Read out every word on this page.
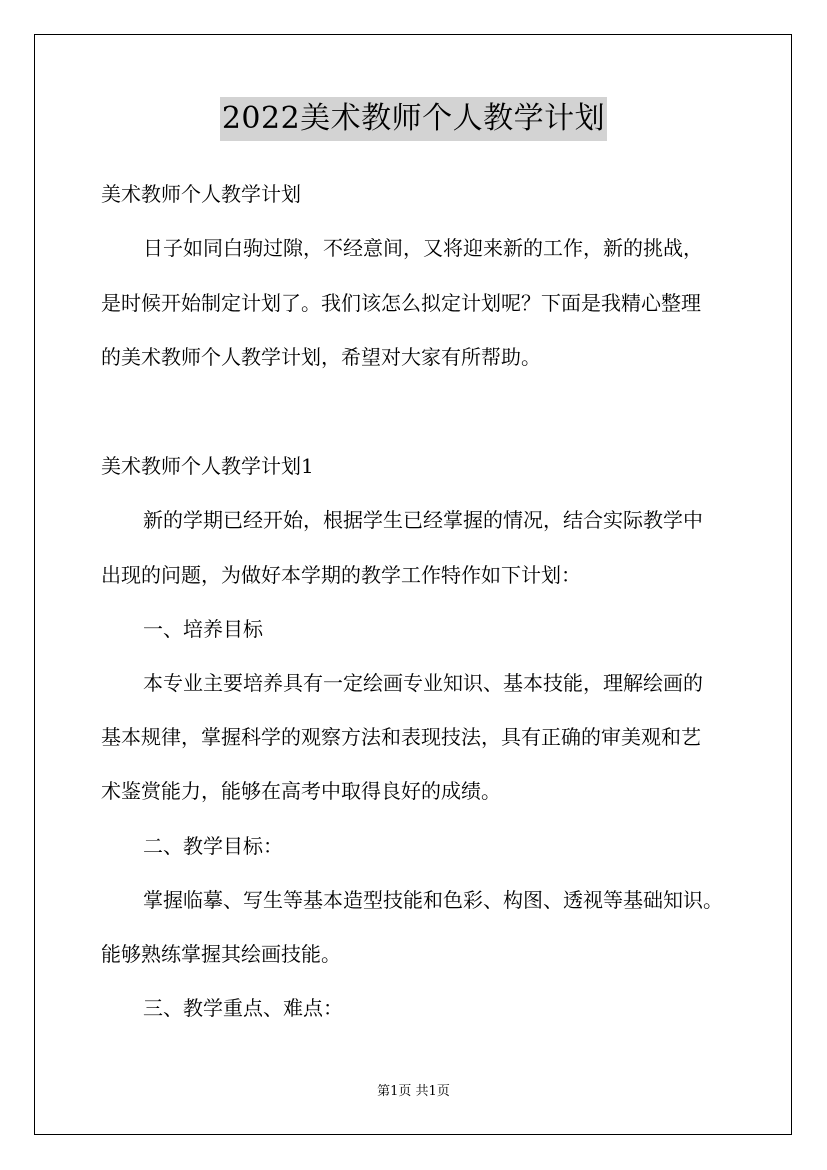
2022美术教师个人教学计划
美术教师个人教学计划
日子如同白驹过隙，不经意间，又将迎来新的工作，新的挑战，
是时候开始制定计划了。我们该怎么拟定计划呢？下面是我精心整理
的美术教师个人教学计划，希望对大家有所帮助。
美术教师个人教学计划1
新的学期已经开始，根据学生已经掌握的情况，结合实际教学中
出现的问题，为做好本学期的教学工作特作如下计划：
一、培养目标
本专业主要培养具有一定绘画专业知识、基本技能，理解绘画的
基本规律，掌握科学的观察方法和表现技法，具有正确的审美观和艺
术鉴赏能力，能够在高考中取得良好的成绩。
二、教学目标：
掌握临摹、写生等基本造型技能和色彩、构图、透视等基础知识。
能够熟练掌握其绘画技能。
三、教学重点、难点：
第1页 共1页
